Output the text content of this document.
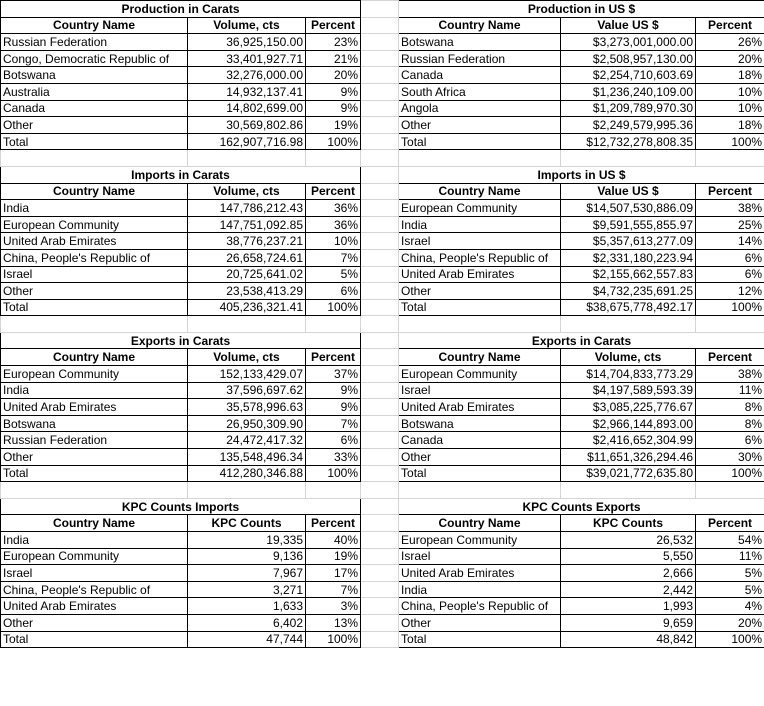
Production in Carats				Production in US $		
Country Name	Volume, cts	Percent		Country Name	Value US $	Percent
Russian Federation	36,925,150.00	23%		Botswana	$3,273,001,000.00	26%
Congo, Democratic Republic of	33,401,927.71	21%		Russian Federation	$2,508,957,130.00	20%
Botswana	32,276,000.00	20%		Canada	$2,254,710,603.69	18%
Australia	14,932,137.41	9%		South Africa	$1,236,240,109.00	10%
Canada	14,802,699.00	9%		Angola	$1,209,789,970.30	10%
Other	30,569,802.86	19%		Other	$2,249,579,995.36	18%
Total	162,907,716.98	100%		Total	$12,732,278,808.35	100%

Imports in Carats				Imports in US $		
Country Name	Volume, cts	Percent		Country Name	Value US $	Percent
India	147,786,212.43	36%		European Community	$14,507,530,886.09	38%
European Community	147,751,092.85	36%		India	$9,591,555,855.97	25%
United Arab Emirates	38,776,237.21	10%		Israel	$5,357,613,277.09	14%
China, People's Republic of	26,658,724.61	7%		China, People's Republic of	$2,331,180,223.94	6%
Israel	20,725,641.02	5%		United Arab Emirates	$2,155,662,557.83	6%
Other	23,538,413.29	6%		Other	$4,732,235,691.25	12%
Total	405,236,321.41	100%		Total	$38,675,778,492.17	100%

Exports in Carats				Exports in Carats		
Country Name	Volume, cts	Percent		Country Name	Volume, cts	Percent
European Community	152,133,429.07	37%		European Community	$14,704,833,773.29	38%
India	37,596,697.62	9%		Israel	$4,197,589,593.39	11%
United Arab Emirates	35,578,996.63	9%		United Arab Emirates	$3,085,225,776.67	8%
Botswana	26,950,309.90	7%		Botswana	$2,966,144,893.00	8%
Russian Federation	24,472,417.32	6%		Canada	$2,416,652,304.99	6%
Other	135,548,496.34	33%		Other	$11,651,326,294.46	30%
Total	412,280,346.88	100%		Total	$39,021,772,635.80	100%

KPC Counts Imports				KPC Counts Exports		
Country Name	KPC Counts	Percent		Country Name	KPC Counts	Percent
India	19,335	40%		European Community	26,532	54%
European Community	9,136	19%		Israel	5,550	11%
Israel	7,967	17%		United Arab Emirates	2,666	5%
China, People's Republic of	3,271	7%		India	2,442	5%
United Arab Emirates	1,633	3%		China, People's Republic of	1,993	4%
Other	6,402	13%		Other	9,659	20%
Total	47,744	100%		Total	48,842	100%
